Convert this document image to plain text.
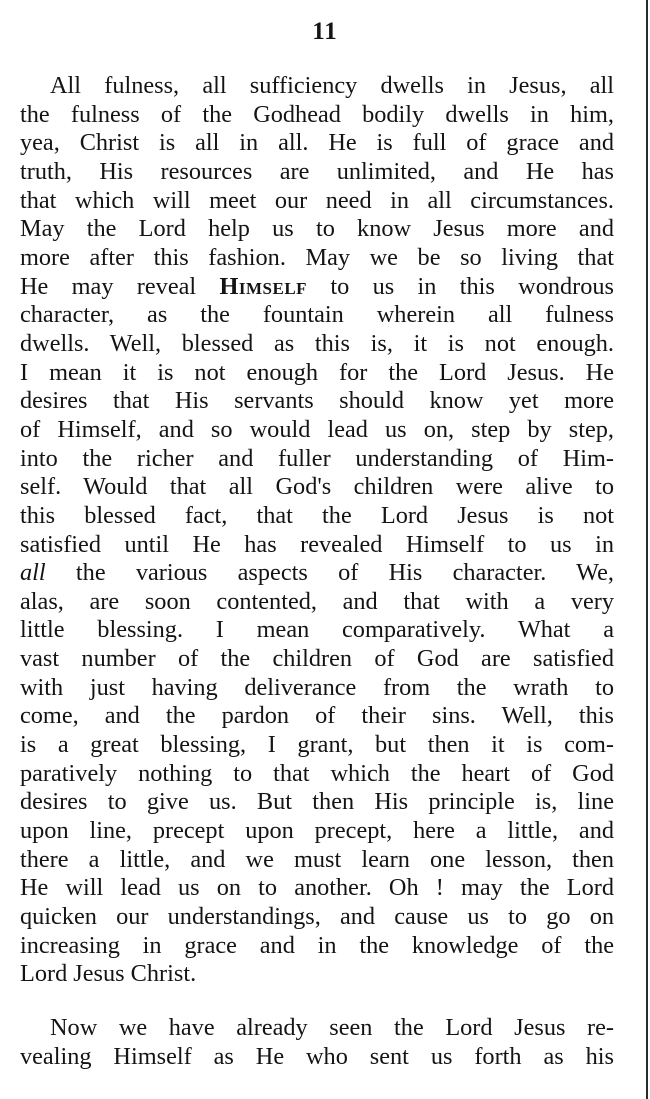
11
All fulness, all sufficiency dwells in Jesus, all
the fulness of the Godhead bodily dwells in him,
yea, Christ is all in all. He is full of grace and
truth, His resources are unlimited, and He has
that which will meet our need in all circumstances.
May the Lord help us to know Jesus more and
more after this fashion. May we be so living that
He may reveal Himself to us in this wondrous
character, as the fountain wherein all fulness
dwells. Well, blessed as this is, it is not enough.
I mean it is not enough for the Lord Jesus. He
desires that His servants should know yet more
of Himself, and so would lead us on, step by step,
into the richer and fuller understanding of Him-
self. Would that all God's children were alive to
this blessed fact, that the Lord Jesus is not
satisfied until He has revealed Himself to us in
all the various aspects of His character. We,
alas, are soon contented, and that with a very
little blessing. I mean comparatively. What a
vast number of the children of God are satisfied
with just having deliverance from the wrath to
come, and the pardon of their sins. Well, this
is a great blessing, I grant, but then it is com-
paratively nothing to that which the heart of God
desires to give us. But then His principle is, line
upon line, precept upon precept, here a little, and
there a little, and we must learn one lesson, then
He will lead us on to another. Oh ! may the Lord
quicken our understandings, and cause us to go on
increasing in grace and in the knowledge of the
Lord Jesus Christ.
Now we have already seen the Lord Jesus re-
vealing Himself as He who sent us forth as his
